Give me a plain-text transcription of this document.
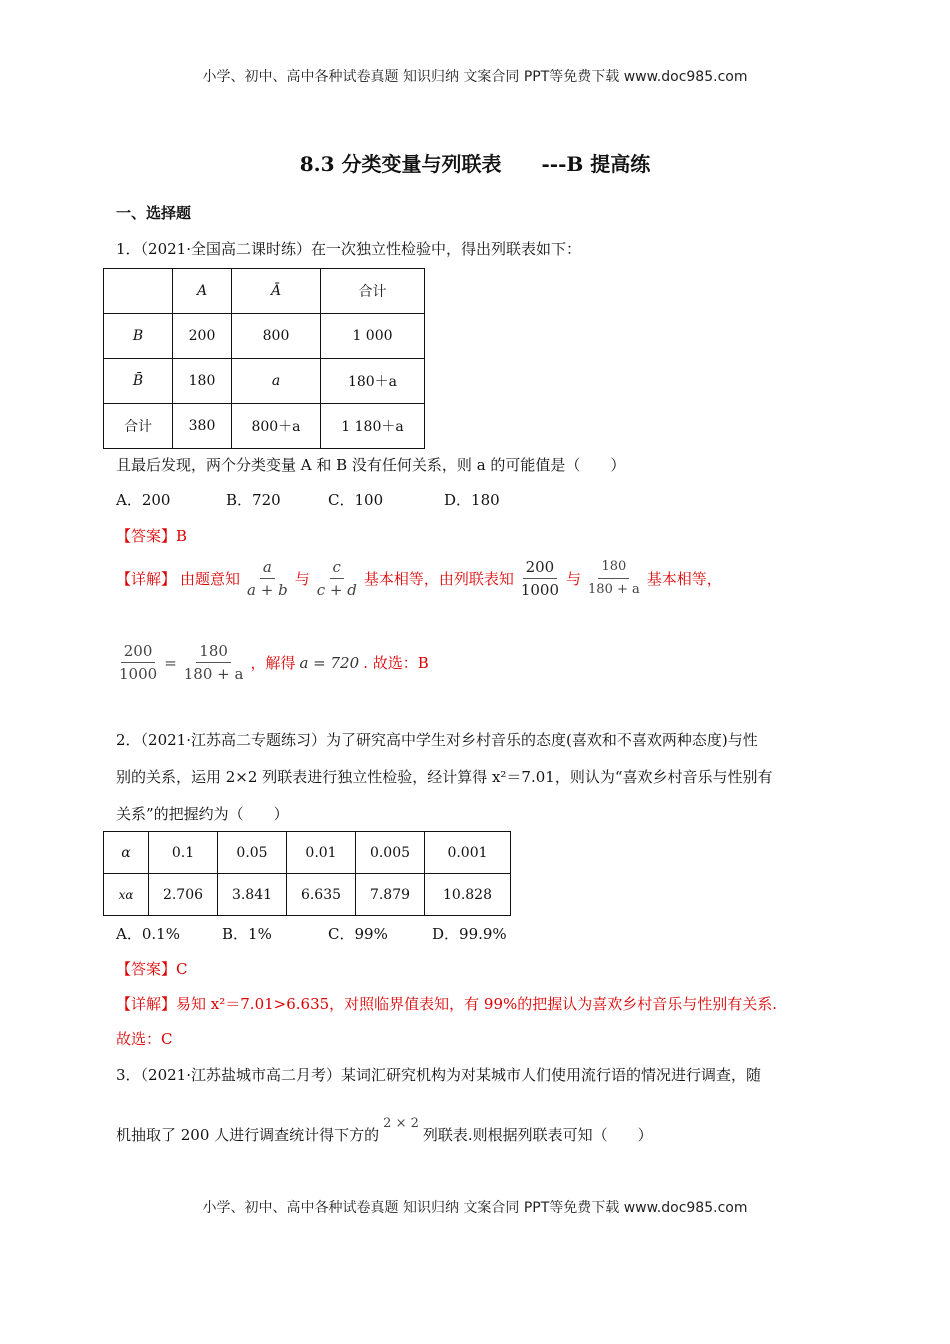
小学、初中、高中各种试卷真题 知识归纳 文案合同 PPT等免费下载 www.doc985.com
8.3 分类变量与列联表　　---B 提高练
一、选择题
1．（2021·全国高二课时练）在一次独立性检验中，得出列联表如下：
	A	Ā	合计
B	200	800	1 000
B̄	180	a	180＋a
合计	380	800＋a	1 180＋a
且最后发现，两个分类变量 A 和 B 没有任何关系，则 a 的可能值是（　　）
A．200	B．720	C．100	D．180
【答案】B
【详解】 由题意知 $\frac{a}{a + b}$ 与 $\frac{c}{c + d}$ 基本相等，由列联表知 $\frac{200}{1000}$ 与 $\frac{180}{180 + a}$ 基本相等，
$\frac{200}{1000} = \frac{180}{180 + a}$ ，解得 a = 720 . 故选：B
2．（2021·江苏高二专题练习）为了研究高中学生对乡村音乐的态度(喜欢和不喜欢两种态度)与性
别的关系，运用 2×2 列联表进行独立性检验，经计算得 x²＝7.01，则认为“喜欢乡村音乐与性别有
关系”的把握约为（　　）
α	0.1	0.05	0.01	0.005	0.001
xα	2.706	3.841	6.635	7.879	10.828
A．0.1%	B．1%	C．99%	D．99.9%
【答案】C
【详解】易知 x²＝7.01>6.635，对照临界值表知，有 99%的把握认为喜欢乡村音乐与性别有关系.
故选：C
3．（2021·江苏盐城市高二月考）某词汇研究机构为对某城市人们使用流行语的情况进行调查，随
机抽取了 200 人进行调查统计得下方的
2 × 2
列联表.则根据列联表可知（　　）
小学、初中、高中各种试卷真题 知识归纳 文案合同 PPT等免费下载 www.doc985.com
